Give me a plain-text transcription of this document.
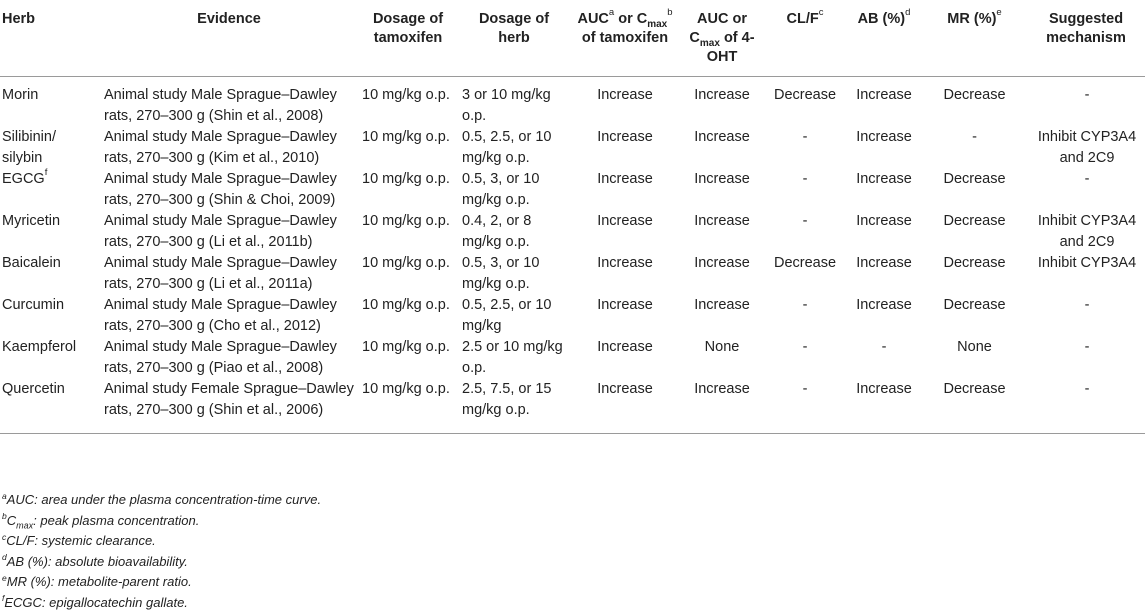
Herb	Evidence	Dosage of tamoxifen	Dosage of herb	AUC$^a$ or $C_{max}^b$ of tamoxifen	AUC or $C_{max}$ of 4-OHT	$CL/F^c$	AB (%)$^d$	MR (%)$^e$	Suggested mechanism
Morin	Animal study Male Sprague–Dawley rats, 270–300 g (Shin et al., 2008)	10 mg/kg o.p.	3 or 10 mg/kg o.p.	Increase	Increase	Decrease	Increase	Decrease	-
Silibinin/ silybin	Animal study Male Sprague–Dawley rats, 270–300 g (Kim et al., 2010)	10 mg/kg o.p.	0.5, 2.5, or 10 mg/kg o.p.	Increase	Increase	-	Increase	-	Inhibit CYP3A4 and 2C9
EGCG$^f$	Animal study Male Sprague–Dawley rats, 270–300 g (Shin & Choi, 2009)	10 mg/kg o.p.	0.5, 3, or 10 mg/kg o.p.	Increase	Increase	-	Increase	Decrease	-
Myricetin	Animal study Male Sprague–Dawley rats, 270–300 g (Li et al., 2011b)	10 mg/kg o.p.	0.4, 2, or 8 mg/kg o.p.	Increase	Increase	-	Increase	Decrease	Inhibit CYP3A4 and 2C9
Baicalein	Animal study Male Sprague–Dawley rats, 270–300 g (Li et al., 2011a)	10 mg/kg o.p.	0.5, 3, or 10 mg/kg o.p.	Increase	Increase	Decrease	Increase	Decrease	Inhibit CYP3A4
Curcumin	Animal study Male Sprague–Dawley rats, 270–300 g (Cho et al., 2012)	10 mg/kg o.p.	0.5, 2.5, or 10 mg/kg	Increase	Increase	-	Increase	Decrease	-
Kaempferol	Animal study Male Sprague–Dawley rats, 270–300 g (Piao et al., 2008)	10 mg/kg o.p.	2.5 or 10 mg/kg o.p.	Increase	None	-	-	None	-
Quercetin	Animal study Female Sprague–Dawley rats, 270–300 g (Shin et al., 2006)	10 mg/kg o.p.	2.5, 7.5, or 15 mg/kg o.p.	Increase	Increase	-	Increase	Decrease	-
$^a$AUC: area under the plasma concentration-time curve.
$^bC_{max}$: peak plasma concentration.
$^c$CL/F: systemic clearance.
$^d$AB (%): absolute bioavailability.
$^e$MR (%): metabolite-parent ratio.
$^f$ECGC: epigallocatechin gallate.
